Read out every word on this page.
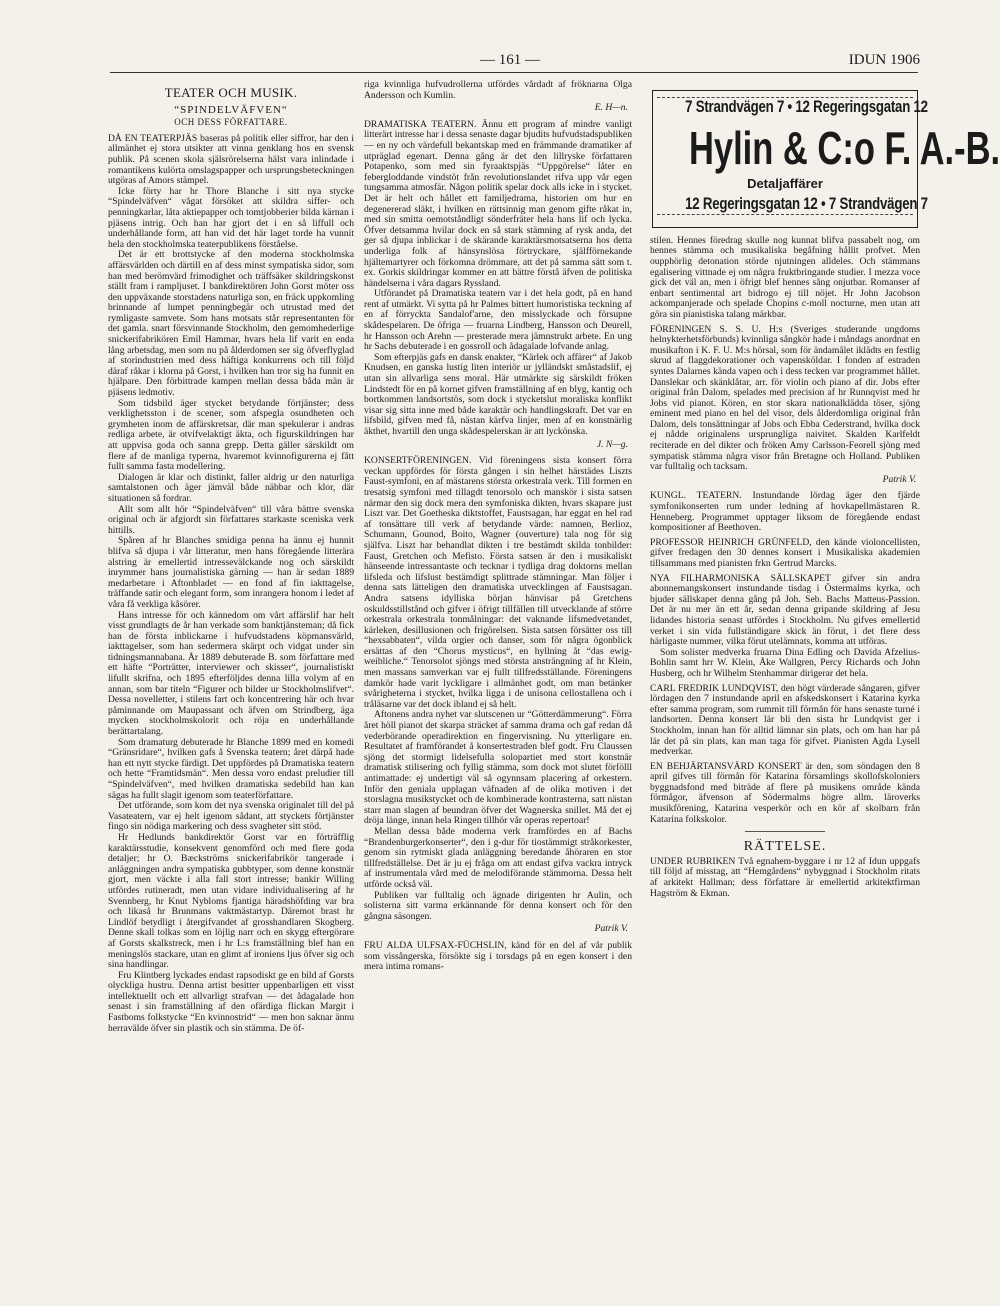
— 161 —	IDUN 1906
TEATER OCH MUSIK.
“SPINDELVÄFVEN“
OCH DESS FÖRFATTARE.

DÅ EN TEATERPJÄS baseras på politik eller siffror, har den i allmänhet ej stora utsikter att vinna genklang hos en svensk publik. På scenen skola själsrörelserna hälst vara inlindade i romantikens kulörta omslagspapper och ursprungsbeteckningen utgöras af Amors stämpel.

Icke förty har hr Thore Blanche i sitt nya stycke “Spindelväfven“ vågat försöket att skildra siffer- och penningkarlar, låta aktiepapper och tomtjobberier bilda kärnan i pjäsens intrig. Och han har gjort det i en så liffull och underhållande form, att han vid det här laget torde ha vunnit hela den stockholmska teaterpublikens förståelse.

Det är ett brottstycke af den moderna stockholmska affärsvärlden och därtill en af dess minst sympatiska sidor, som han med berömvärd frimodighet och träffsäker skildringskonst ställt fram i rampljuset. I bankdirektören John Gorst möter oss den uppväxande storstadens naturliga son, en fräck uppkomling brinnande af lumpet penningbegär och utrustad med det rymligaste samvete. Som hans motsats står representanten för det gamla. snart försvinnande Stockholm, den gemomhederlige snickerifabrikören Emil Hammar, hvars hela lif varit en enda lång arbetsdag, men som nu på ålderdomen ser sig öfverflyglad af storindustrien med dess häftiga konkurrens och till följd däraf råkar i klorna på Gorst, i hvilken han tror sig ha funnit en hjälpare. Den förbittrade kampen mellan dessa båda män är pjäsens ledmotiv.

Som tidsbild äger stycket betydande förtjänster; dess verklighetsston i de scener, som afspegla osundheten och grymheten inom de affärskretsar, där man spekulerar i andras redliga arbete, är otvifvelaktigt äkta, och figurskildringen har att uppvisa goda och sanna grepp. Detta gäller särskildt om flere af de manliga typerna, hvaremot kvinnofigurerna ej fått fullt samma fasta modellering.

Dialogen är klar och distinkt, faller aldrig ur den naturliga samtalstonen och äger jämväl både näbbar och klor, där situationen så fordrar.

Allt som allt hör “Spindelväfven“ till våra bättre svenska original och är afgjordt sin författares starkaste sceniska verk hittills.

Spåren af hr Blanches smidiga penna ha ännu ej hunnit blifva så djupa i vår litteratur, men hans föregående litterära alstring är emellertid intressevälckande nog och särskildt inrymmer hans journalistiska gärning — han är sedan 1889 medarbetare i Aftonbladet — en fond af fin iakttagelse, träffande satir och elegant form, som inrangera honom i ledet af våra få verkliga kåsörer.

Hans intresse för och kännedom om vårt affärslif har helt visst grundlagts de år han verkade som banktjänsteman; då fick han de första inblickarne i hufvudstadens köpmansvärld, iakttagelser, som han sedermera skärpt och vidgat under sin tidningsmannabana. År 1889 debuterade B. som författare med ett häfte “Porträtter, interviewer och skisser“, journalistiskt lifullt skrifna, och 1895 efterföljdes denna lilla volym af en annan, som bar titeln “Figurer och bilder ur Stockholmslifvet“. Dessa novelletter, i stilens fart och koncentrering här och hvar påminnande om Maupassant och äfven om Strindberg, äga mycken stockholmskolorit och röja en underhållande berättartalang.

Som dramaturg debuterade hr Blanche 1899 med en komedi “Gränsridare“, hvilken gafs å Svenska teatern; året därpå hade han ett nytt stycke färdigt. Det uppfördes på Dramatiska teatern och hette “Framtidsmän“. Men dessa voro endast preludier till “Spindelväfven“, med hvilken dramatiska sedebild han kan sägas ha fullt slagit igenom som teaterförfattare.

Det utförande, som kom det nya svenska originalet till del på Vasateatern, var ej helt igenom sådant, att styckets förtjänster fingo sin nödiga markering och dess svagheter sitt stöd.

Hr Hedlunds bankdirektör Gorst var en förträfflig karaktärsstudie, konsekvent genomförd och med flere goda detaljer; hr O. Bæckströms snickerifabrikör tangerade i anläggningen andra sympatiska gubbtyper, som denne konstnär gjort, men väckte i alla fall stort intresse; bankir Willing utfördes rutineradt, men utan vidare individualisering af hr Svennberg, hr Knut Nybloms fjantiga häradshöfding var bra och likaså hr Brunmans vaktmästartyp. Däremot brast hr Lindlöf betydligt i återgifvandet af grosshandlaren Skogberg. Denne skall tolkas som en löjlig narr och en skygg eftergörare af Gorsts skalkstreck, men i hr L:s framställning blef han en meningslös stackare, utan en glimt af ironiens ljus öfver sig och sina handlingar.

Fru Klintberg lyckades endast rapsodiskt ge en bild af Gorsts olyckliga hustru. Denna artist besitter uppenbarligen ett visst intellektuellt och ett allvarligt strafvan — det ådagalade hon senast i sin framställning af den ofärdiga flickan Margit i Fastboms folkstycke “En kvinnostrid“ — men hon saknar ännu herravälde öfver sin plastik och sin stämma. De öf-

riga kvinnliga hufvudrollerna utfördes vårdadt af fröknarna Olga Andersson och Kumlin.

E. H—n.

DRAMATISKA TEATERN. Ännu ett program af mindre vanligt litterärt intresse har i dessa senaste dagar bjudits hufvudstadspubliken — en ny och värdefull bekantskap med en främmande dramatiker af utpräglad egenart. Denna gång är det den lillryske författaren Potapenko, som med sin fyraaktspjäs “Uppgörelse“ låter en febergloddande vindstöt från revolutionslandet rifva upp vår egen tungsamma atmosfär. Någon politik spelar dock alls icke in i stycket. Det är helt och hållet ett familjedrama, historien om hur en degenererad släkt, i hvilken en rättsinnig man genom gifte råkat in, med sin smitta oemotståndligt sönderfräter hela hans lif och lycka. Öfver detsamma hvilar dock en så stark stämning af rysk anda, det ger så djupa inblickar i de skärande karaktärsmotsatserna hos detta underliga folk af hänsynslösa förtryckare, själfförnekande hjältemartyrer och förkomna drömmare, att det på samma sätt som t. ex. Gorkis skildringar kommer en att bättre förstå äfven de politiska händelserna i våra dagars Ryssland.

Utförandet på Dramatiska teatern var i det hela godt, på en hand rent af utmärkt. Vi sytta på hr Palmes bittert humoristiska teckning af en af förryckta Sandalof'arne, den misslyckade och försupne skådespelaren. De öfriga — fruarna Lindberg, Hansson och Deurell, hr Hansson och Arehn — presterade mera jämnstrukt arbete. En ung hr Sachs debuterade i en gossroll och ådagalade lofvande anlag.

Som efterpjäs gafs en dansk enakter, “Kärlek och affärer“ af Jakob Knudsen, en ganska lustig liten interiör ur jylländskt småstadslif, ej utan sin allvarliga sens moral. Här utmärkte sig särskildt fröken Lindstedt för en på kornet gifven framställning af en blyg, kantig och bortkommen landsortstös, som dock i stycketslut moraliska konflikt visar sig sitta inne med både karaktär och handlingskraft. Det var en lifsbild, gifven med få, nästan kärfva linjer, men af en konstnärlig äkthet, hvartill den unga skådespelerskan är att lyckönska.

J. N—g.

KONSERTFÖRENINGEN. Vid föreningens sista konsert förra veckan uppfördes för första gången i sin helhet härstädes Liszts Faust-symfoni, en af mästarens största orkestrala verk. Till formen en tresatsig symfoni med tillagdt tenorsolo och manskör i sista satsen närmar den sig dock mera den symfoniska dikten, hvars skapare just Liszt var. Det Goetheska diktstoffet, Faustsagan, har eggat en hel rad af tonsättare till verk af betydande värde: namnen, Berlioz, Schumann, Gounod, Boito, Wagner (ouverture) tala nog för sig själfva. Liszt har behandlat dikten i tre bestämdt skilda tonbilder: Faust, Gretchen och Mefisto. Första satsen är den i musikaliskt hänseende intressantaste och tecknar i tydliga drag doktorns mellan lifsleda och lifslust bestämdigt splittrade stämningar. Man följer i denna sats lätteligen den dramatiska utvecklingen af Faustsagan. Andra satsens idylliska början hänvisar på Gretchens oskuldsstillstånd och gifver i öfrigt tillfällen till utvecklande af större orkestrala orkestrala tonmålningar: det vaknande lifsmedvetandet, kärleken, desillusionen och frigörelsen. Sista satsen försätter oss till “hexsabbaten“, vilda orgier och danser, som för några ögonblick ersättas af den “Chorus mysticus“, en hyllning åt “das ewig-weibliche.“ Tenorsolot sjöngs med största ansträngning af hr Klein, men massans samverkan var ej fullt tillfredsställande. Föreningens damkör hade varit lyckligare i allmänhet godt, om man betänker svårigheterna i stycket, hvilka ligga i de unisona cellostallena och i tråläsarne var det dock ibland ej så helt.

Aftonens andra nyhet var slutscenen ur “Götterdämmerung“. Förra året höll pianot det skarpa sträcket af samma drama och gaf redan då vederbörande operadirektion en fingervisning. Nu ytterligare en. Resultatet af framförandet å konsertestraden blef godt. Fru Claussen sjöng det stormigt lidelsefulla solopartiet med stort konstnär dramatisk stilisering och fyllig stämma, som dock mot slutet förfölll antimattade: ej undertigt väl så ogynnsam placering af orkestern. Inför den geniala upplagan väfnaden af de olika motiven i det storslagna musikstycket och de kombinerade kontrasterna, satt nästan starr man slagen af beundran öfver det Wagnerska snillet. Må det ej dröja länge, innan hela Ringen tillhör vår operas repertoar!

Mellan dessa både moderna verk framfördes en af Bachs “Brandenburgerkonserter“, den i g-dur för tiostämmigt stråkorkester, genom sin rytmiskt glada anläggning beredande åhöraren en stor tillfredställelse. Det är ju ej fråga om att endast gifva vackra intryck af instrumentala vård med de melodiförande stämmorna. Dessa helt utförde också väl.

Publiken var fulltalig och ägnade dirigenten hr Aulin, och solisterna sitt varma erkännande för denna konsert och för den gångna säsongen.

Patrik V.

FRU ALDA ULFSAX-FÜCHSLIN, känd för en del af vår publik som vissångerska, försökte sig i torsdags på en egen konsert i den mera intima romans-

7 Strandvägen 7 • 12 Regeringsgatan 12
Hylin & C:o F. A.-B.
Detaljaffärer
12 Regeringsgatan 12 • 7 Strandvägen 7

stilen. Hennes föredrag skulle nog kunnat blifva passabelt nog, om hennes stämma och musikaliska begåfning hållit profvet. Men oupphörlig detonation störde njutningen alldeles. Och stämmans egalisering vittnade ej om några fruktbringande studier. I mezza voce gick det väl an, men i öfrigt blef hennes sång onjutbar. Romanser af enbart sentimental art bidrogo ej till nöjet. Hr John Jacobson ackompanjerade och spelade Chopins c-moll nocturne, men utan att göra sin pianistiska talang märkbar.

FÖRENINGEN S. S. U. H:s (Sveriges studerande ungdoms helnykterhetsförbunds) kvinnliga sångkör hade i måndags anordnat en musikafton i K. F. U. M:s hörsal, som för ändamålet iklädts en festlig skrud af flaggdekorationer och vapensköldar. I fonden af estraden syntes Dalarnes kända vapen och i dess tecken var programmet hållet. Danslekar och skänklåtar, arr. för violin och piano af dir. Jobs efter original från Dalom, spelades med precision af hr Runnqvist med hr Jobs vid pianot. Kören, en stor skara nationalklädda töser, sjöng eminent med piano en hel del visor, dels ålderdomliga original från Dalom, dels tonsättningar af Jobs och Ebba Cederstrand, hvilka dock ej nådde originalens ursprungliga naivitet. Skalden Karlfeldt reciterade en del dikter och fröken Amy Carlsson-Feorell sjöng med sympatisk stämma några visor från Bretagne och Holland. Publiken var fulltalig och tacksam.

Patrik V.

KUNGL. TEATERN. Instundande lördag äger den fjärde symfonikonserten rum under ledning af hovkapellmästaren R. Henneberg. Programmet upptager liksom de föregående endast kompositioner af Beethoven.

PROFESSOR HEINRICH GRÜNFELD, den kände violoncellisten, gifver fredagen den 30 dennes konsert i Musikaliska akademien tillsammans med pianisten frkn Gertrud Marcks.

NYA FILHARMONISKA SÄLLSKAPET gifver sin andra abonnemangskonsert instundande tisdag i Östermalms kyrka, och bjuder sällskapet denna gång på Joh. Seb. Bachs Matteus-Passion. Det är nu mer än ett år, sedan denna gripande skildring af Jesu lidandes historia senast utfördes i Stockholm. Nu gifves emellertid verket i sin vida fullständigare skick än förut, i det flere dess härligaste nummer, vilka förut utelämnats, komma att utföras.

Som solister medverka fruarna Dina Edling och Davida Afzelius-Bohlin samt hrr W. Klein, Åke Wallgren, Percy Richards och John Husberg, och hr Wilhelm Stenhammar dirigerar det hela.

CARL FREDRIK LUNDQVIST, den högt värderade sångaren, gifver lördagen den 7 instundande april en afskedskonsert i Katarina kyrka efter samma program, som rummit till förmån för hans senaste turné i landsorten. Denna konsert lär bli den sista hr Lundqvist ger i Stockholm, innan han för alltid lämnar sin plats, och om han har på lär det på sin plats, kan man taga för gifvet. Pianisten Agda Lysell medverkar.

EN BEHJÄRTANSVÄRD KONSERT är den, som söndagen den 8 april gifves till förmån för Katarina församlings skollofskoloniers byggnadsfond med biträde af flere på musikens område kända förmågor, äfvenson af Södermalms högre allm. läroverks musikförening, Katarina vesperkör och en kör af skolbarn från Katarina folkskolor.

RÄTTELSE.

UNDER RUBRIKEN Två egnahem-byggare i nr 12 af Idun uppgafs till följd af misstag, att “Hemgårdens“ nybyggnad i Stockholm ritats af arkitekt Hallman; dess författare är emellertid arkitektfirman Hagström & Ekman.
